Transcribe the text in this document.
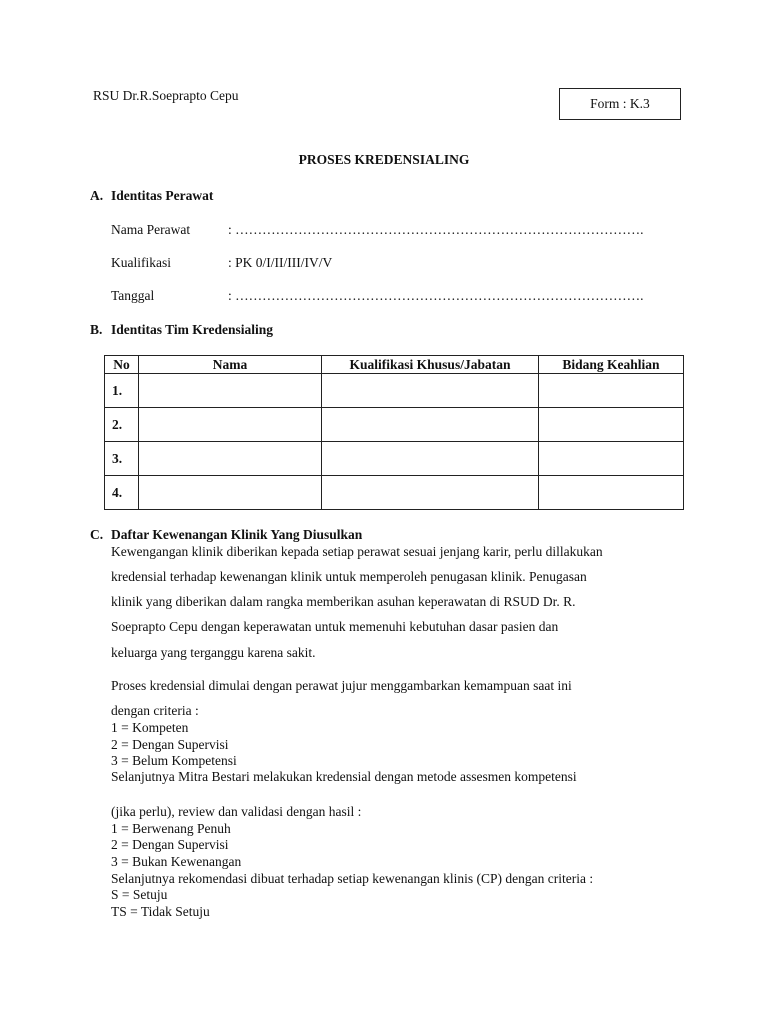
RSU Dr.R.Soeprapto Cepu
Form : K.3
PROSES KREDENSIALING
A. Identitas Perawat
Nama Perawat	: ……………………………………………………………………………….
Kualifikasi	: PK 0/I/II/III/IV/V
Tanggal	: ……………………………………………………………………………….
B. Identitas Tim Kredensialing
No	Nama	Kualifikasi Khusus/Jabatan	Bidang Keahlian
1.			
2.			
3.			
4.			
C. Daftar Kewenangan Klinik Yang Diusulkan
Kewengangan klinik diberikan kepada setiap perawat sesuai jenjang karir, perlu dillakukan
kredensial terhadap kewenangan klinik untuk memperoleh penugasan klinik. Penugasan
klinik yang diberikan dalam rangka memberikan asuhan keperawatan di RSUD Dr. R.
Soeprapto Cepu dengan keperawatan untuk memenuhi kebutuhan dasar pasien dan
keluarga yang terganggu karena sakit.
Proses kredensial dimulai dengan perawat jujur menggambarkan kemampuan saat ini
dengan criteria :
1 = Kompeten
2 = Dengan Supervisi
3 = Belum Kompetensi
Selanjutnya Mitra Bestari melakukan kredensial dengan metode assesmen kompetensi
(jika perlu), review dan validasi dengan hasil :
1 = Berwenang Penuh
2 = Dengan Supervisi
3 = Bukan Kewenangan
Selanjutnya rekomendasi dibuat terhadap setiap kewenangan klinis (CP) dengan criteria :
S = Setuju
TS = Tidak Setuju
